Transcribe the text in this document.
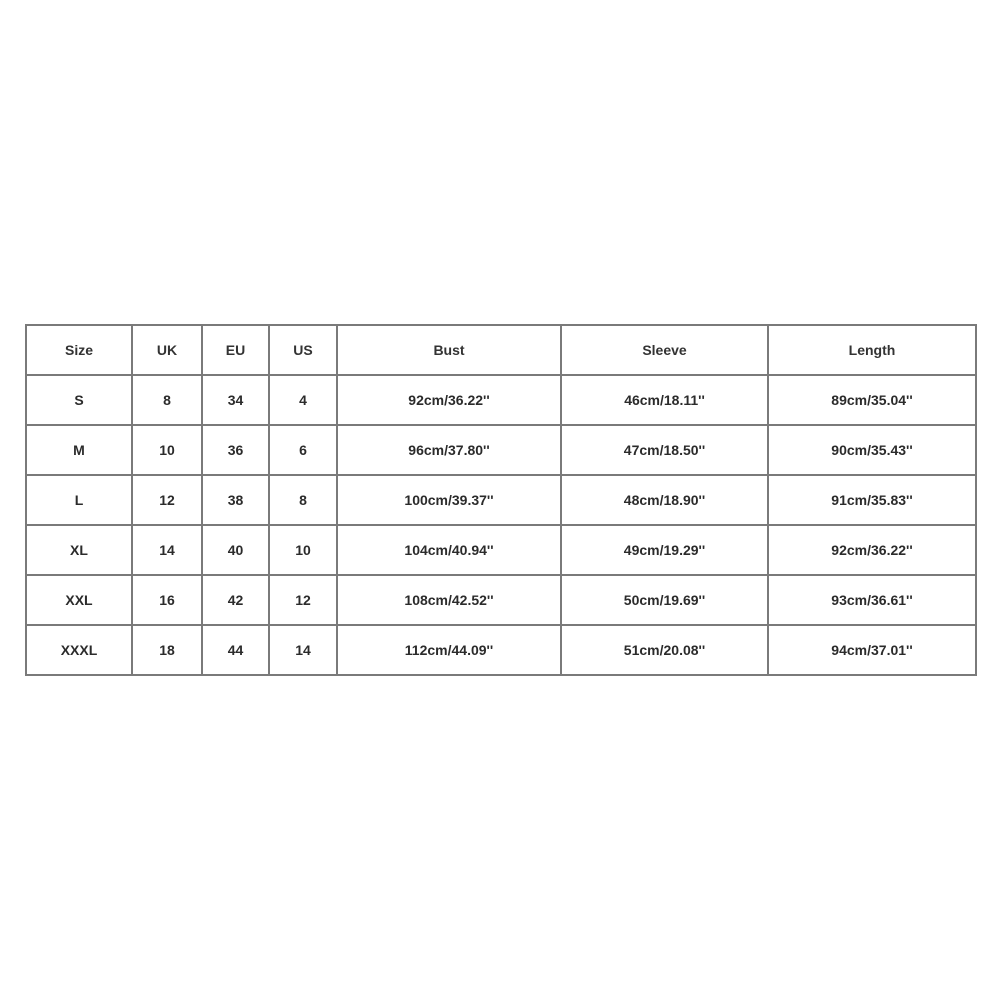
Size	UK	EU	US	Bust	Sleeve	Length
S	8	34	4	92cm/36.22''	46cm/18.11''	89cm/35.04''
M	10	36	6	96cm/37.80''	47cm/18.50''	90cm/35.43''
L	12	38	8	100cm/39.37''	48cm/18.90''	91cm/35.83''
XL	14	40	10	104cm/40.94''	49cm/19.29''	92cm/36.22''
XXL	16	42	12	108cm/42.52''	50cm/19.69''	93cm/36.61''
XXXL	18	44	14	112cm/44.09''	51cm/20.08''	94cm/37.01''
